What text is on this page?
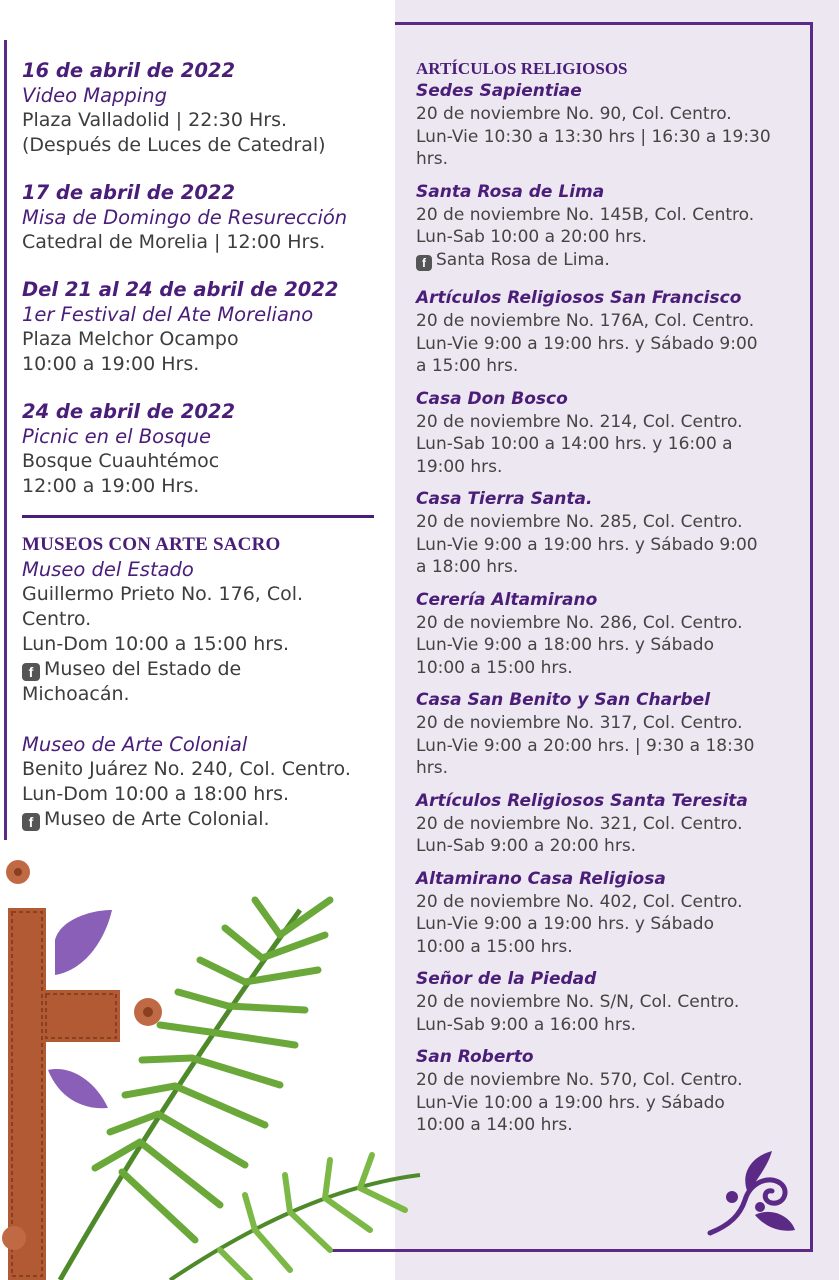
16 de abril de 2022
Video Mapping
Plaza Valladolid | 22:30 Hrs.
(Después de Luces de Catedral)
17 de abril de 2022
Misa de Domingo de Resurección
Catedral de Morelia | 12:00 Hrs.
Del 21 al 24 de abril de 2022
1er Festival del Ate Moreliano
Plaza Melchor Ocampo
10:00 a 19:00 Hrs.
24 de abril de 2022
Picnic en el Bosque
Bosque Cuauhtémoc
12:00 a 19:00 Hrs.
MUSEOS CON ARTE SACRO
Museo del Estado
Guillermo Prieto No. 176, Col.
Centro.
Lun-Dom 10:00 a 15:00 hrs.
f Museo del Estado de
Michoacán.
Museo de Arte Colonial
Benito Juárez No. 240, Col. Centro.
Lun-Dom 10:00 a 18:00 hrs.
f Museo de Arte Colonial.
ARTÍCULOS RELIGIOSOS
Sedes Sapientiae
20 de noviembre No. 90, Col. Centro.
Lun-Vie 10:30 a 13:30 hrs | 16:30 a 19:30
hrs.
Santa Rosa de Lima
20 de noviembre No. 145B, Col. Centro.
Lun-Sab 10:00 a 20:00 hrs.
f Santa Rosa de Lima.
Artículos Religiosos San Francisco
20 de noviembre No. 176A, Col. Centro.
Lun-Vie 9:00 a 19:00 hrs. y Sábado 9:00
a 15:00 hrs.
Casa Don Bosco
20 de noviembre No. 214, Col. Centro.
Lun-Sab 10:00 a 14:00 hrs. y 16:00 a
19:00 hrs.
Casa Tierra Santa.
20 de noviembre No. 285, Col. Centro.
Lun-Vie 9:00 a 19:00 hrs. y Sábado 9:00
a 18:00 hrs.
Cerería Altamirano
20 de noviembre No. 286, Col. Centro.
Lun-Vie 9:00 a 18:00 hrs. y Sábado
10:00 a 15:00 hrs.
Casa San Benito y San Charbel
20 de noviembre No. 317, Col. Centro.
Lun-Vie 9:00 a 20:00 hrs. | 9:30 a 18:30
hrs.
Artículos Religiosos Santa Teresita
20 de noviembre No. 321, Col. Centro.
Lun-Sab 9:00 a 20:00 hrs.
Altamirano Casa Religiosa
20 de noviembre No. 402, Col. Centro.
Lun-Vie 9:00 a 19:00 hrs. y Sábado
10:00 a 15:00 hrs.
Señor de la Piedad
20 de noviembre No. S/N, Col. Centro.
Lun-Sab 9:00 a 16:00 hrs.
San Roberto
20 de noviembre No. 570, Col. Centro.
Lun-Vie 10:00 a 19:00 hrs. y Sábado
10:00 a 14:00 hrs.
